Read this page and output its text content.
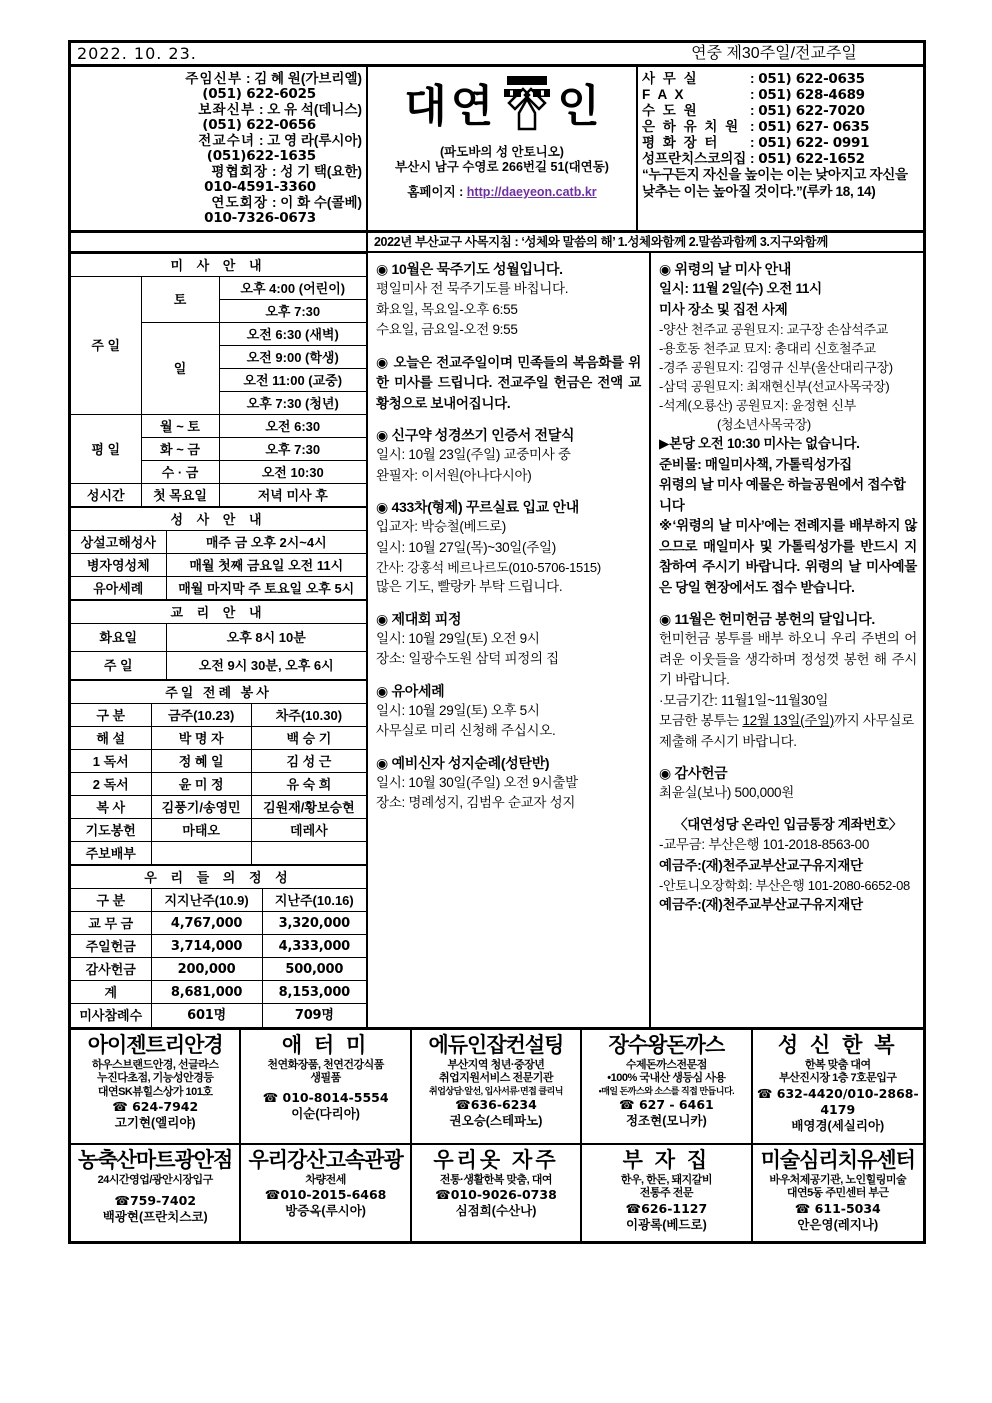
2022. 10. 23.	연중 제30주일/전교주일
주임신부 : 김 혜 원(가브리엘)
(051) 622-6025
보좌신부 : 오 유 석(데니스)
(051) 622-0656
전교수녀 : 고 영 라(루시아)
(051)622-1635
평협회장 : 성 기 택(요한)
010-4591-3360
연도회장 : 이 화 수(콜베)
010-7326-0673
대연 인
(파도바의 성 안토니오)
부산시 남구 수영로 266번길 51(대연동)
홈페이지 : http://daeyeon.catb.kr
사 무 실	: 051) 622-0635
F A X	: 051) 628-4689
수 도 원	: 051) 622-7020
은 하 유 치 원 : 051) 627- 0635
평 화 장 터	: 051) 622- 0991
성프란치스코의집 : 051) 622-1652
“누구든지 자신을 높이는 이는 낮아지고 자신을 낮추는 이는 높아질 것이다.”(루카 18, 14)
2022년 부산교구 사목지침 : ‘성체와 말씀의 해’ 1.성체와함께 2.말씀과함께 3.지구와함께
미 사 안 내		
주 일	토	오후 4:00 (어린이)
		오후 7:30
	일	오전 6:30 (새벽)
		오전 9:00 (학생)
		오전 11:00 (교중)
		오후 7:30 (청년)
평 일	월 ~ 토	오전 6:30
	화 ~ 금	오후 7:30
	수 · 금	오전 10:30
성시간	첫 목요일	저녁 미사 후
성 사 안 내	
상설고해성사	매주 금 오후 2시~4시
병자영성체	매월 첫째 금요일 오전 11시
유아세례	매월 마지막 주 토요일 오후 5시
교 리 안 내	
화요일	오후 8시 10분
주 일	오전 9시 30분, 오후 6시
주일 전례 봉사		
구 분	금주(10.23)	차주(10.30)
해 설	박 명 자	백 승 기
1 독서	정 혜 일	김 성 근
2 독서	윤 미 정	유 숙 희
복 사	김풍기/송영민	김원재/황보승현
기도봉헌	마태오	데레사
주보배부		
우 리 들 의 정 성		
구 분	지지난주(10.9)	지난주(10.16)
교 무 금	4,767,000	3,320,000
주일헌금	3,714,000	4,333,000
감사헌금	200,000	500,000
계	8,681,000	8,153,000
미사참례수	601명	709명
◉ 10월은 묵주기도 성월입니다.
평일미사 전 묵주기도를 바칩니다.
화요일, 목요일-오후 6:55
수요일, 금요일-오전 9:55
◉ 오늘은 전교주일이며 민족들의 복음화를 위한 미사를 드립니다. 전교주일 헌금은 전액 교황청으로 보내어집니다.
◉ 신구약 성경쓰기 인증서 전달식
일시: 10월 23일(주일) 교중미사 중
완필자: 이서원(아나다시아)
◉ 433차(형제) 꾸르실료 입교 안내
입교자: 박승철(베드로)
일시: 10월 27일(목)~30일(주일)
간사: 강홍석 베르나르도(010-5706-1515)
많은 기도, 빨랑카 부탁 드립니다.
◉ 제대회 피정
일시: 10월 29일(토) 오전 9시
장소: 일광수도원 삼덕 피정의 집
◉ 유아세례
일시: 10월 29일(토) 오후 5시
사무실로 미리 신청해 주십시오.
◉ 예비신자 성지순례(성탄반)
일시: 10월 30일(주일) 오전 9시출발
장소: 명례성지, 김범우 순교자 성지
◉ 위령의 날 미사 안내
일시: 11월 2일(수) 오전 11시
미사 장소 및 집전 사제
-양산 천주교 공원묘지: 교구장 손삼석주교
-용호동 천주교 묘지: 총대리 신호철주교
-경주 공원묘지: 김영규 신부(울산대리구장)
-삼덕 공원묘지: 최재현신부(선교사목국장)
-석계(오룡산) 공원묘지: 윤정현 신부
(청소년사목국장)
▶본당 오전 10:30 미사는 없습니다.
준비물: 매일미사책, 가톨릭성가집
위령의 날 미사 예물은 하늘공원에서 접수합니다
※‘위령의 날 미사’에는 전례지를 배부하지 않으므로 매일미사 및 가톨릭성가를 반드시 지참하여 주시기 바랍니다. 위령의 날 미사예물은 당일 현장에서도 접수 받습니다.
◉ 11월은 헌미헌금 봉헌의 달입니다.
헌미헌금 봉투를 배부 하오니 우리 주변의 어려운 이웃들을 생각하며 정성껏 봉헌 해 주시기 바랍니다.
·모금기간: 11월1일~11월30일
모금한 봉투는 12월 13일(주일)까지 사무실로 제출해 주시기 바랍니다.
◉ 감사헌금
최윤실(보나) 500,000원
〈대연성당 온라인 입금통장 계좌번호〉
-교무금: 부산은행 101-2018-8563-00
예금주:(재)천주교부산교구유지재단
-안토니오장학회: 부산은행 101-2080-6652-08
예금주:(재)천주교부산교구유지재단
아이젠트리안경
하우스브랜드안경, 선글라스
누진다초점, 기능성안경등
대연SK뷰힐스상가 101호
☎ 624-7942
고기현(엘리야)
애 터 미
천연화장품, 천연건강식품
생필품
☎ 010-8014-5554
이순(다리아)
에듀인잡컨설팅
부산지역 청년·중장년
취업지원서비스 전문기관
취업상담·알선, 입사서류·면접 클리닉
☎636-6234
권오승(스테파노)
장수왕돈까스
수제돈까스전문점
•100% 국내산 생등심 사용
•매일 돈까스와 소스를 직접 만듭니다.
☎ 627 - 6461
정조현(모니카)
성 신 한 복
한복 맞춤 대여
부산진시장 1층 7호문입구
☎ 632-4420/010-2868-4179
배영경(세실리아)
농축산마트광안점
24시간영업/광안시장입구
☎759-7402
백광현(프란치스코)
우리강산고속관광
차량전세
☎010-2015-6468
방증옥(루시아)
우리옷 자주
전통·생활한복 맞춤, 대여
☎010-9026-0738
심점희(수산나)
부 자 집
한우, 한돈, 돼지갈비
전통주 전문
☎626-1127
이광록(베드로)
미술심리치유센터
바우처제공기관, 노인힐링미술
대연5동 주민센터 부근
☎ 611-5034
안은영(레지나)
